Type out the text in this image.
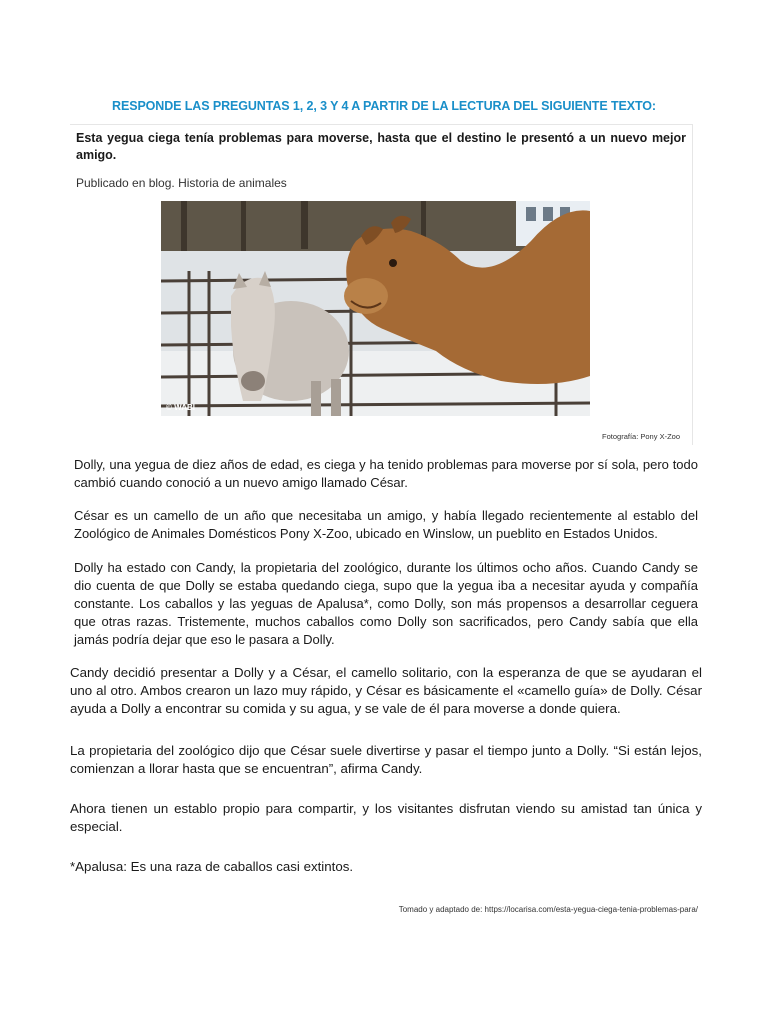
RESPONDE LAS PREGUNTAS 1, 2, 3 Y 4 A PARTIR DE LA LECTURA DEL SIGUIENTE TEXTO:
Esta yegua ciega tenía problemas para moverse, hasta que el destino le presentó a un nuevo mejor amigo.
Publicado en blog. Historia de animales
© WABI
Fotografía: Pony X-Zoo
Dolly, una yegua de diez años de edad, es ciega y ha tenido problemas para moverse por sí sola, pero todo cambió cuando conoció a un nuevo amigo llamado César.
César es un camello de un año que necesitaba un amigo, y había llegado recientemente al establo del Zoológico de Animales Domésticos Pony X-Zoo, ubicado en Winslow, un pueblito en Estados Unidos.
Dolly ha estado con Candy, la propietaria del zoológico, durante los últimos ocho años. Cuando Candy se dio cuenta de que Dolly se estaba quedando ciega, supo que la yegua iba a necesitar ayuda y compañía constante. Los caballos y las yeguas de Apalusa*, como Dolly, son más propensos a desarrollar ceguera que otras razas. Tristemente, muchos caballos como Dolly son sacrificados, pero Candy sabía que ella jamás podría dejar que eso le pasara a Dolly.
Candy decidió presentar a Dolly y a César, el camello solitario, con la esperanza de que se ayudaran el uno al otro. Ambos crearon un lazo muy rápido, y César es básicamente el «camello guía» de Dolly. César ayuda a Dolly a encontrar su comida y su agua, y se vale de él para moverse a donde quiera.
La propietaria del zoológico dijo que César suele divertirse y pasar el tiempo junto a Dolly. “Si están lejos, comienzan a llorar hasta que se encuentran”, afirma Candy.
Ahora tienen un establo propio para compartir, y los visitantes disfrutan viendo su amistad tan única y especial.
*Apalusa: Es una raza de caballos casi extintos.
Tomado y adaptado de: https://locarisa.com/esta-yegua-ciega-tenia-problemas-para/
